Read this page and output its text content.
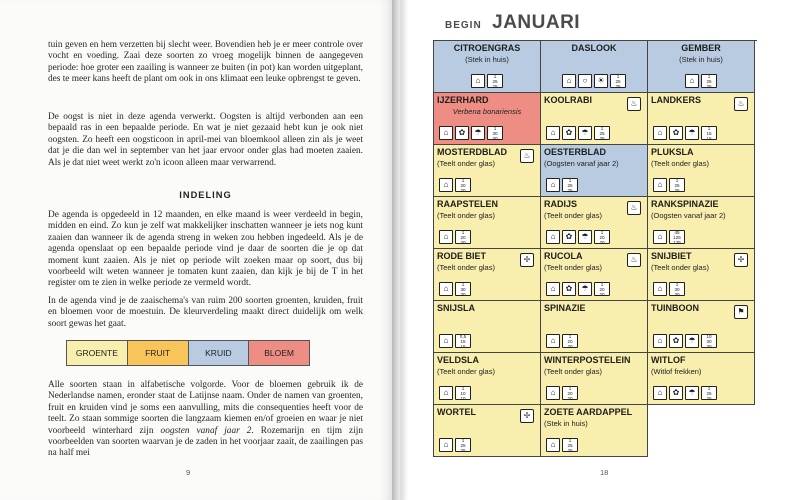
tuin geven en hem verzetten bij slecht weer. Bovendien heb je er meer controle over vocht en voeding. Zaai deze soorten zo vroeg mogelijk binnen de aangegeven periode: hoe groter een zaailing is wanneer ze buiten (in pot) kan worden uitgeplant, des te meer kans heeft de plant om ook in ons klimaat een leuke opbrengst te geven.

De oogst is niet in deze agenda verwerkt. Oogsten is altijd verbonden aan een bepaald ras in een bepaalde periode. En wat je niet gezaaid hebt kun je ook niet oogsten. Zo heeft een oogsticoon in april-mei van bloemkool alleen zin als je weet dat je die dan wel in september van het jaar ervoor onder glas had moeten zaaien. Als je dat niet weet werkt zo'n icoon alleen maar verwarrend.

INDELING

De agenda is opgedeeld in 12 maanden, en elke maand is weer verdeeld in begin, midden en eind. Zo kun je zelf wat makkelijker inschatten wanneer je iets nog kunt zaaien dan wanneer ik de agenda streng in weken zou hebben ingedeeld. Als je de agenda openslaat op een bepaalde periode vind je daar de soorten die je op dat moment kunt zaaien. Als je niet op periode wilt zoeken maar op soort, dus bij voorbeeld wilt weten wanneer je tomaten kunt zaaien, dan kijk je bij de T in het register om te zien in welke periode ze vermeld wordt.

In de agenda vind je de zaaischema's van ruim 200 soorten groenten, kruiden, fruit en bloemen voor de moestuin. De kleurverdeling maakt direct duidelijk om welk soort gewas het gaat.

GROENTE	FRUIT	KRUID	BLOEM

Alle soorten staan in alfabetische volgorde. Voor de bloemen gebruik ik de Nederlandse namen, eronder staat de Latijnse naam. Onder de namen van groenten, fruit en kruiden vind je soms een aanvulling, mits die consequenties heeft voor de teelt. Zo staan sommige soorten die langzaam kiemen en/of groeien en waar je niet voorbeeld winterhard zijn oogsten vanaf jaar 2. Rozemarijn en tijm zijn voorbeelden van soorten waarvan je de zaden in het voorjaar zaait, de zaailingen pas na half mei

9

BEGIN JANUARI

18
CITROENGRAS
(Stek in huis)
⌂	1
25
25
DASLOOK
⌂	○	☀	1
25
25
GEMBER
(Stek in huis)
⌂	1
25
25
IJZERHARD
Verbena bonariensis
⌂	✿	☂	1
30
30
KOOLRABI	♨
⌂	✿	☂	1
25
25
LANDKERS	♨
⌂	✿	☂	1
15
15
MOSTERDBLAD
(Teelt onder glas)
♨
⌂	1
20
20
OESTERBLAD
(Oogsten vanaf jaar 2)
⌂	1
25
25
PLUKSLA
(Teelt onder glas)
⌂	1
25
25
RAAPSTELEN
(Teelt onder glas)
⌂	1
20
20
RADIJS
(Teelt onder glas)
♨
⌂	✿	☂	1
20
20
RANKSPINAZIE
(Oogsten vanaf jaar 2)
⌂	45
125
125
RODE BIET
(Teelt onder glas)
✢
⌂	1
30
30
RUCOLA
(Teelt onder glas)
♨
⌂	✿	☂	1
20
20
SNIJBIET
(Teelt onder glas)
✢
⌂	1
30
30
SNIJSLA
⌂	0,5
15
15
SPINAZIE
⌂	1
20
20
TUINBOON	⚑
⌂	✿	☂	10
30
30
VELDSLA
(Teelt onder glas)
⌂	1
10
10
WINTERPOSTELEIN
(Teelt onder glas)
⌂	1
20
20
WITLOF
(Witlof frekken)
⌂	✿	☂	1
25
25
WORTEL	✢
⌂	1
25
25
ZOETE AARDAPPEL
(Stek in huis)
⌂	1
25
25
